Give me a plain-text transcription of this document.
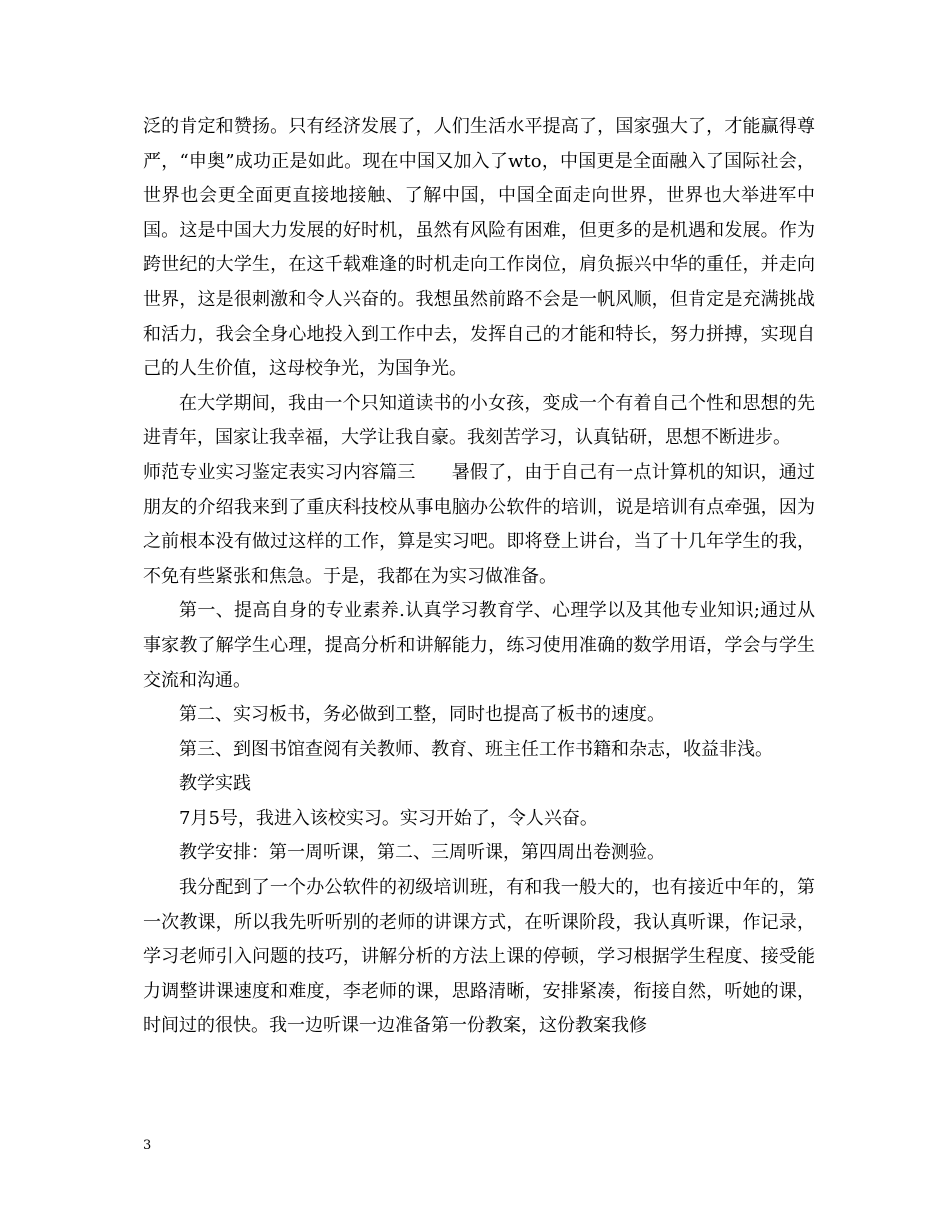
泛的肯定和赞扬。只有经济发展了，人们生活水平提高了，国家强大了，才能赢得尊严，“申奥”成功正是如此。现在中国又加入了wto，中国更是全面融入了国际社会，世界也会更全面更直接地接触、了解中国，中国全面走向世界，世界也大举进军中国。这是中国大力发展的好时机，虽然有风险有困难，但更多的是机遇和发展。作为跨世纪的大学生，在这千载难逢的时机走向工作岗位，肩负振兴中华的重任，并走向世界，这是很刺激和令人兴奋的。我想虽然前路不会是一帆风顺，但肯定是充满挑战和活力，我会全身心地投入到工作中去，发挥自己的才能和特长，努力拼搏，实现自己的人生价值，这母校争光，为国争光。

在大学期间，我由一个只知道读书的小女孩，变成一个有着自己个性和思想的先进青年，国家让我幸福，大学让我自豪。我刻苦学习，认真钻研，思想不断进步。

师范专业实习鉴定表实习内容篇三 暑假了，由于自己有一点计算机的知识，通过朋友的介绍我来到了重庆科技校从事电脑办公软件的培训，说是培训有点牵强，因为之前根本没有做过这样的工作，算是实习吧。即将登上讲台，当了十几年学生的我，不免有些紧张和焦急。于是，我都在为实习做准备。

第一、提高自身的专业素养.认真学习教育学、心理学以及其他专业知识;通过从事家教了解学生心理，提高分析和讲解能力，练习使用准确的数学用语，学会与学生交流和沟通。

第二、实习板书，务必做到工整，同时也提高了板书的速度。

第三、到图书馆查阅有关教师、教育、班主任工作书籍和杂志，收益非浅。

教学实践

7月5号，我进入该校实习。实习开始了，令人兴奋。

教学安排：第一周听课，第二、三周听课，第四周出卷测验。

我分配到了一个办公软件的初级培训班，有和我一般大的，也有接近中年的，第一次教课，所以我先听听别的老师的讲课方式，在听课阶段，我认真听课，作记录，学习老师引入问题的技巧，讲解分析的方法上课的停顿，学习根据学生程度、接受能力调整讲课速度和难度，李老师的课，思路清晰，安排紧凑，衔接自然，听她的课，时间过的很快。我一边听课一边准备第一份教案，这份教案我修

3
